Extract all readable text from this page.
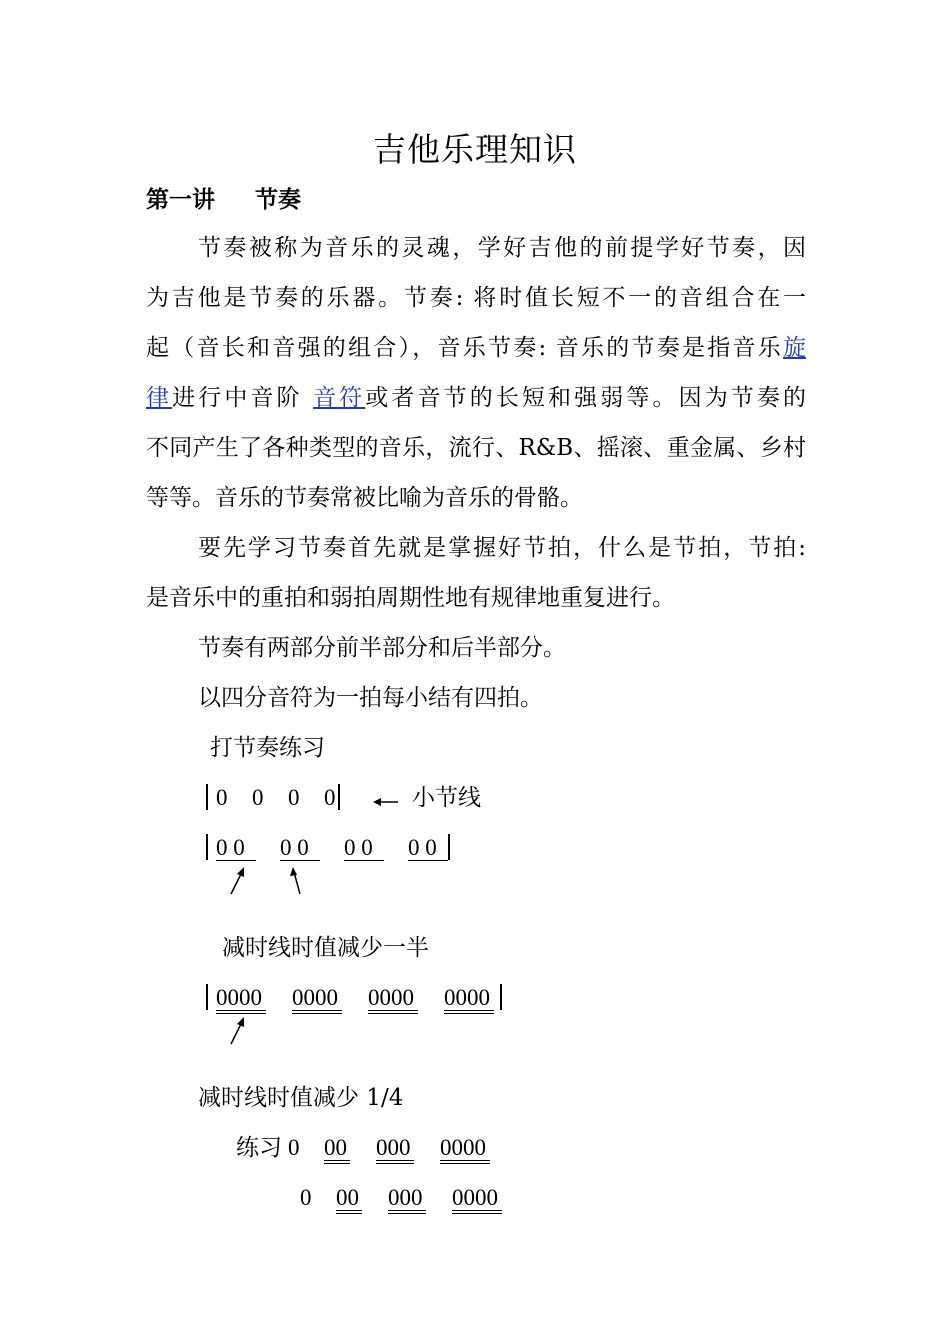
吉他乐理知识
第一讲     节奏
节奏被称为音乐的灵魂，学好吉他的前提学好节奏，因
为吉他是节奏的乐器。节奏: 将时值长短不一的音组合在一
起（音长和音强的组合），音乐节奏: 音乐的节奏是指音乐旋
律进行中音阶 音符或者音节的长短和强弱等。因为节奏的
不同产生了各种类型的音乐，流行、R&B、摇滚、重金属、乡村
等等。音乐的节奏常被比喻为音乐的骨骼。
要先学习节奏首先就是掌握好节拍，什么是节拍，节拍:
是音乐中的重拍和弱拍周期性地有规律地重复进行。
节奏有两部分前半部分和后半部分。
以四分音符为一拍每小结有四拍。
打节奏练习
0 0 0 0	小节线
0 0 0 0 0 0 0 0
减时线时值减少一半
0000 0000 0000 0000
减时线时值减少 1/4
练习 0 00 000 0000
0 00 000 0000
